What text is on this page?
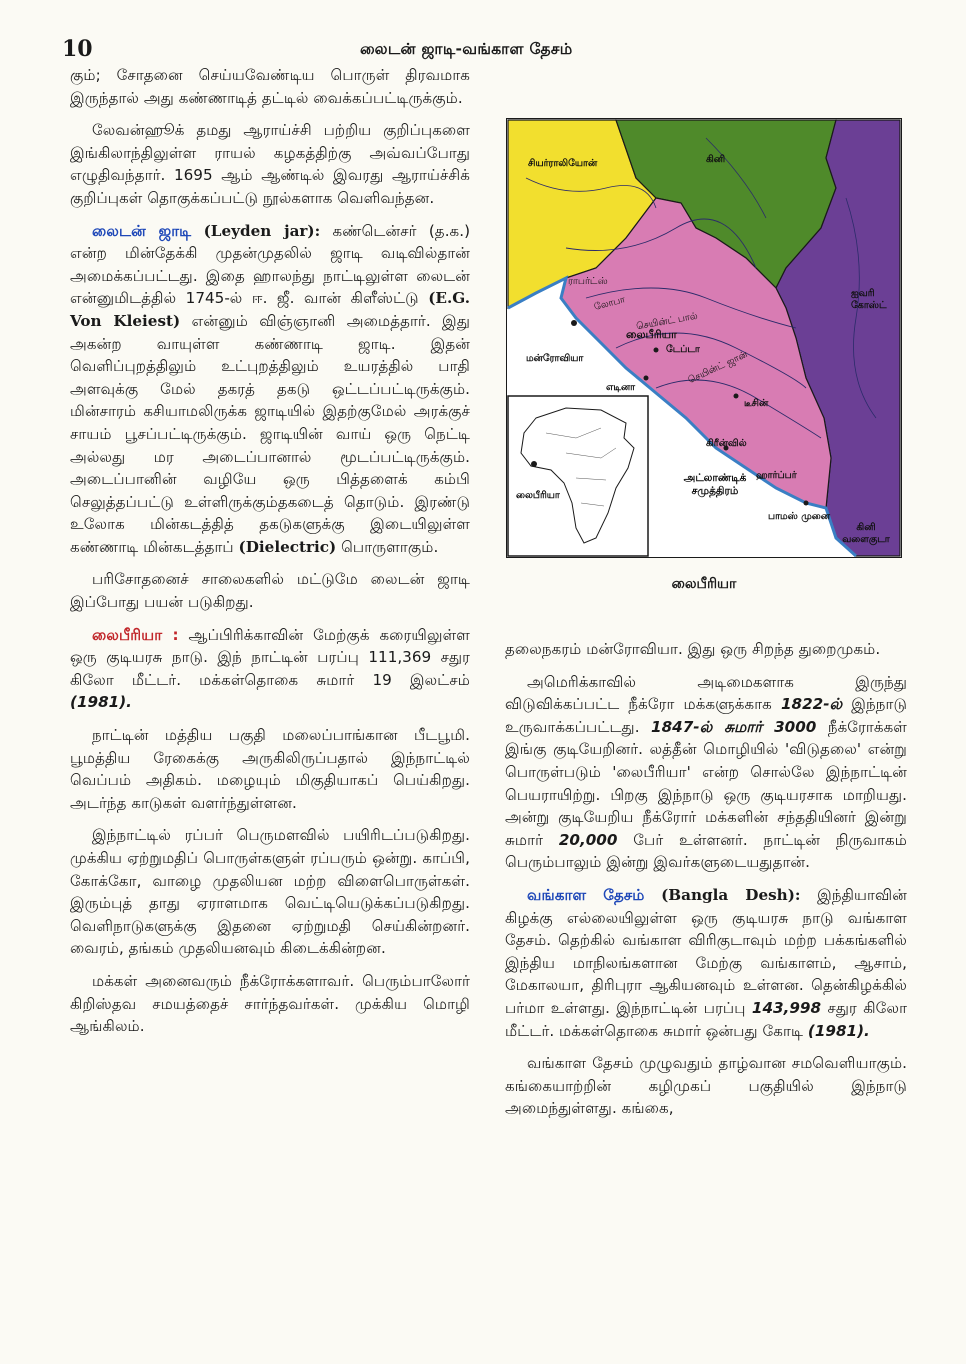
10	லைடன் ஜாடி-வங்காள தேசம்

கும்; சோதனை செய்யவேண்டிய பொருள் திரவமாக இருந்தால் அது கண்ணாடித் தட்டில் வைக்கப்பட்டிருக்கும்.

லேவன்ஹூக் தமது ஆராய்ச்சி பற்றிய குறிப்புகளை இங்கிலாந்திலுள்ள ராயல் கழகத்திற்கு அவ்வப்போது எழுதிவந்தார். 1695 ஆம் ஆண்டில் இவரது ஆராய்ச்சிக் குறிப்புகள் தொகுக்கப்பட்டு நூல்களாக வெளிவந்தன.

லைடன் ஜாடி (Leyden jar): கண்டென்சர் (த.க.) என்ற மின்தேக்கி முதன்முதலில் ஜாடி வடிவில்தான் அமைக்கப்பட்டது. இதை ஹாலந்து நாட்டிலுள்ள லைடன் என்னுமிடத்தில் 1745-ல் ஈ. ஜீ. வான் கிளீஸ்ட்டு (E.G. Von Kleiest) என்னும் விஞ்ஞானி அமைத்தார். இது அகன்ற வாயுள்ள கண்ணாடி ஜாடி. இதன் வெளிப்புறத்திலும் உட்புறத்திலும் உயரத்தில் பாதி அளவுக்கு மேல் தகரத் தகடு ஒட்டப்பட்டிருக்கும். மின்சாரம் கசியாமலிருக்க ஜாடியில் இதற்குமேல் அரக்குச் சாயம் பூசப்பட்டிருக்கும். ஜாடியின் வாய் ஒரு நெட்டி அல்லது மர அடைப்பானால் மூடப்பட்டிருக்கும். அடைப்பானின் வழியே ஒரு பித்தளைக் கம்பி செலுத்தப்பட்டு உள்ளிருக்கும்தகடைத் தொடும். இரண்டு உலோக மின்கடத்தித் தகடுகளுக்கு இடையிலுள்ள கண்ணாடி மின்கடத்தாப் (Dielectric) பொருளாகும்.

பரிசோதனைச் சாலைகளில் மட்டுமே லைடன் ஜாடி இப்போது பயன் படுகிறது.

லைபீரியா : ஆப்பிரிக்காவின் மேற்குக் கரையிலுள்ள ஒரு குடியரசு நாடு. இந் நாட்டின் பரப்பு 111,369 சதுர கிலோ மீட்டர். மக்கள்தொகை சுமார் 19 இலட்சம் (1981).

நாட்டின் மத்திய பகுதி மலைப்பாங்கான பீடபூமி. பூமத்திய ரேகைக்கு அருகிலிருப்பதால் இந்நாட்டில் வெப்பம் அதிகம். மழையும் மிகுதியாகப் பெய்கிறது. அடர்ந்த காடுகள் வளர்ந்துள்ளன.

இந்நாட்டில் ரப்பர் பெருமளவில் பயிரிடப்படுகிறது. முக்கிய ஏற்றுமதிப் பொருள்களுள் ரப்பரும் ஒன்று. காப்பி, கோக்கோ, வாழை முதலியன மற்ற விளைபொருள்கள். இரும்புத் தாது ஏராளமாக வெட்டியெடுக்கப்படுகிறது. வெளிநாடுகளுக்கு இதனை ஏற்றுமதி செய்கின்றனர். வைரம், தங்கம் முதலியனவும் கிடைக்கின்றன.

மக்கள் அனைவரும் நீக்ரோக்களாவர். பெரும்பாலோர் கிறிஸ்தவ சமயத்தைச் சார்ந்தவர்கள். முக்கிய மொழி ஆங்கிலம்.

சியர்ராலியோன்	கினி
ஐவரி கோஸ்ட்
லைபீரியா
மன்ரோவியா
டேப்டா
எடினா
டீசின்
கிரீன்வில்
ஹார்ப்பர்
அட்லாண்டிக் சமுத்திரம்
லைபீரியா
பாமஸ் முனை
கினி வளைகுடா
ராபர்ட்ஸ்
லோபா
செயின்ட் பால்
செயின்ட் ஜான்
லைபீரியா

தலைநகரம் மன்ரோவியா. இது ஒரு சிறந்த துறைமுகம்.

அமெரிக்காவில் அடிமைகளாக இருந்து விடுவிக்கப்பட்ட நீக்ரோ மக்களுக்காக 1822-ல் இந்நாடு உருவாக்கப்பட்டது. 1847-ல் சுமார் 3000 நீக்ரோக்கள் இங்கு குடியேறினர். லத்தீன் மொழியில் 'விடுதலை' என்று பொருள்படும் 'லைபீரியா' என்ற சொல்லே இந்நாட்டின் பெயராயிற்று. பிறகு இந்நாடு ஒரு குடியரசாக மாறியது. அன்று குடியேறிய நீக்ரோர் மக்களின் சந்ததியினர் இன்று சுமார் 20,000 பேர் உள்ளனர். நாட்டின் நிருவாகம் பெரும்பாலும் இன்று இவர்களுடையதுதான்.

வங்காள தேசம் (Bangla Desh): இந்தியாவின் கிழக்கு எல்லையிலுள்ள ஒரு குடியரசு நாடு வங்காள தேசம். தெற்கில் வங்காள விரிகுடாவும் மற்ற பக்கங்களில் இந்திய மாநிலங்களான மேற்கு வங்காளம், ஆசாம், மேகாலயா, திரிபுரா ஆகியனவும் உள்ளன. தென்கிழக்கில் பர்மா உள்ளது. இந்நாட்டின் பரப்பு 143,998 சதுர கிலோ மீட்டர். மக்கள்தொகை சுமார் ஒன்பது கோடி (1981).

வங்காள தேசம் முழுவதும் தாழ்வான சமவெளியாகும். கங்கையாற்றின் கழிமுகப் பகுதியில் இந்நாடு அமைந்துள்ளது. கங்கை,
